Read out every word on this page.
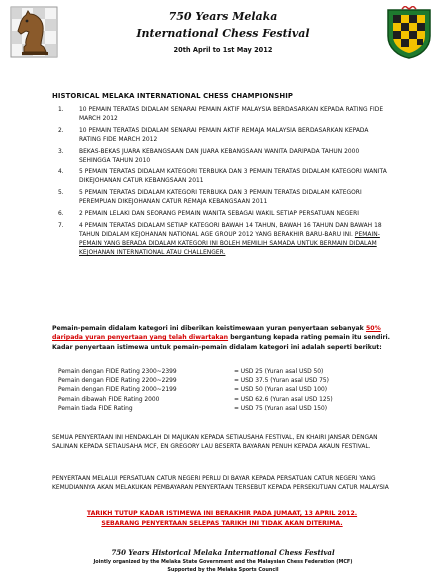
750 Years Melaka
International Chess Festival
20th April to 1st May 2012
HISTORICAL MELAKA INTERNATIONAL CHESS CHAMPIONSHIP
1.	10 PEMAIN TERATAS DIDALAM SENARAI PEMAIN AKTIF MALAYSIA BERDASARKAN KEPADA RATING FIDE MARCH 2012
2.	10 PEMAIN TERATAS DIDALAM SENARAI PEMAIN AKTIF REMAJA MALAYSIA BERDASARKAN KEPADA RATING FIDE MARCH 2012
3.	BEKAS-BEKAS JUARA KEBANGSAAN DAN JUARA KEBANGSAAN WANITA DARIPADA TAHUN 2000 SEHINGGA TAHUN 2010
4.	5 PEMAIN TERATAS DIDALAM KATEGORI TERBUKA DAN 3 PEMAIN TERATAS DIDALAM KATEGORI WANITA DIKEJOHANAN CATUR KEBANGSAAN 2011
5.	5 PEMAIN TERATAS DIDALAM KATEGORI TERBUKA DAN 3 PEMAIN TERATAS DIDALAM KATEGORI PEREMPUAN DIKEJOHANAN CATUR REMAJA KEBANGSAAN 2011
6.	2 PEMAIN LELAKI DAN SEORANG PEMAIN WANITA SEBAGAI WAKIL SETIAP PERSATUAN NEGERI
7.	4 PEMAIN TERATAS DIDALAM SETIAP KATEGORI BAWAH 14 TAHUN, BAWAH 16 TAHUN DAN BAWAH 18 TAHUN DIDALAM KEJOHANAN NATIONAL AGE GROUP 2012 YANG BERAKHIR BARU-BARU INI. PEMAIN-PEMAIN YANG BERADA DIDALAM KATEGORI INI BOLEH MEMILIH SAMADA UNTUK BERMAIN DIDALAM KEJOHANAN INTERNATIONAL ATAU CHALLENGER.
Pemain-pemain didalam kategori ini diberikan keistimewaan yuran penyertaan sebanyak 50% daripada yuran penyertaan yang telah diwartakan bergantung kepada rating pemain itu sendiri. Kadar penyertaan istimewa untuk pemain-pemain didalam kategori ini adalah seperti berikut:
Pemain dengan FIDE Rating 2300~2399	= USD 25 (Yuran asal USD 50)
Pemain dengan FIDE Rating 2200~2299	= USD 37.5 (Yuran asal USD 75)
Pemain dengan FIDE Rating 2000~2199	= USD 50 (Yuran asal USD 100)
Pemain dibawah FIDE Rating 2000	= USD 62.6 (Yuran asal USD 125)
Pemain tiada FIDE Rating	= USD 75 (Yuran asal USD 150)
SEMUA PENYERTAAN INI HENDAKLAH DI MAJUKAN KEPADA SETIAUSAHA FESTIVAL, EN KHAIRI JANSAR DENGAN SALINAN KEPADA SETIAUSAHA MCF, EN GREGORY LAU BESERTA BAYARAN PENUH KEPADA AKAUN FESTIVAL.
PENYERTAAN MELALUI PERSATUAN CATUR NEGERI PERLU DI BAYAR KEPADA PERSATUAN CATUR NEGERI YANG KEMUDIANNYA AKAN MELAKUKAN PEMBAYARAN PENYERTAAN TERSEBUT KEPADA PERSEKUTUAN CATUR MALAYSIA
TARIKH TUTUP KADAR ISTIMEWA INI BERAKHIR PADA JUMAAT, 13 APRIL 2012.
SEBARANG PENYERTAAN SELEPAS TARIKH INI TIDAK AKAN DITERIMA.
750 Years Historical Melaka International Chess Festival
Jointly organized by the Melaka State Government and the Malaysian Chess Federation (MCF)
Supported by the Melaka Sports Council
